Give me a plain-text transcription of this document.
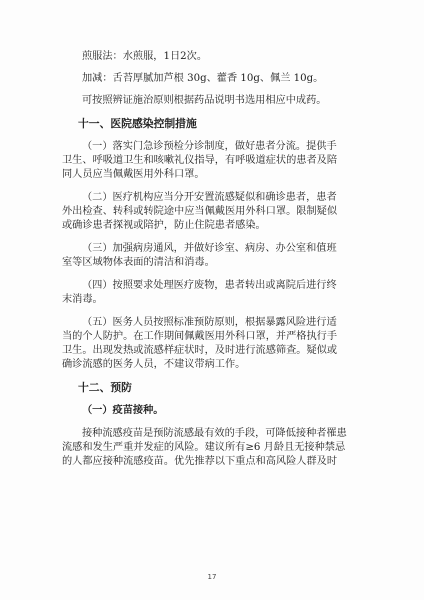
煎服法：水煎服，1日2次。

加减：舌苔厚腻加芦根 30g、藿香 10g、佩兰 10g。

可按照辨证施治原则根据药品说明书选用相应中成药。

十一、医院感染控制措施

（一）落实门急诊预检分诊制度，做好患者分流。提供手

卫生、呼吸道卫生和咳嗽礼仪指导，有呼吸道症状的患者及陪

同人员应当佩戴医用外科口罩。

（二）医疗机构应当分开安置流感疑似和确诊患者，患者

外出检查、转科或转院途中应当佩戴医用外科口罩。限制疑似

或确诊患者探视或陪护，防止住院患者感染。

（三）加强病房通风，并做好诊室、病房、办公室和值班

室等区域物体表面的清洁和消毒。

（四）按照要求处理医疗废物，患者转出或离院后进行终

末消毒。

（五）医务人员按照标准预防原则，根据暴露风险进行适

当的个人防护。在工作期间佩戴医用外科口罩，并严格执行手

卫生。出现发热或流感样症状时，及时进行流感筛查。疑似或

确诊流感的医务人员，不建议带病工作。

十二、预防
（一）疫苗接种。

接种流感疫苗是预防流感最有效的手段，可降低接种者罹患

流感和发生严重并发症的风险。建议所有≥6 月龄且无接种禁忌

的人都应接种流感疫苗。优先推荐以下重点和高风险人群及时

17
